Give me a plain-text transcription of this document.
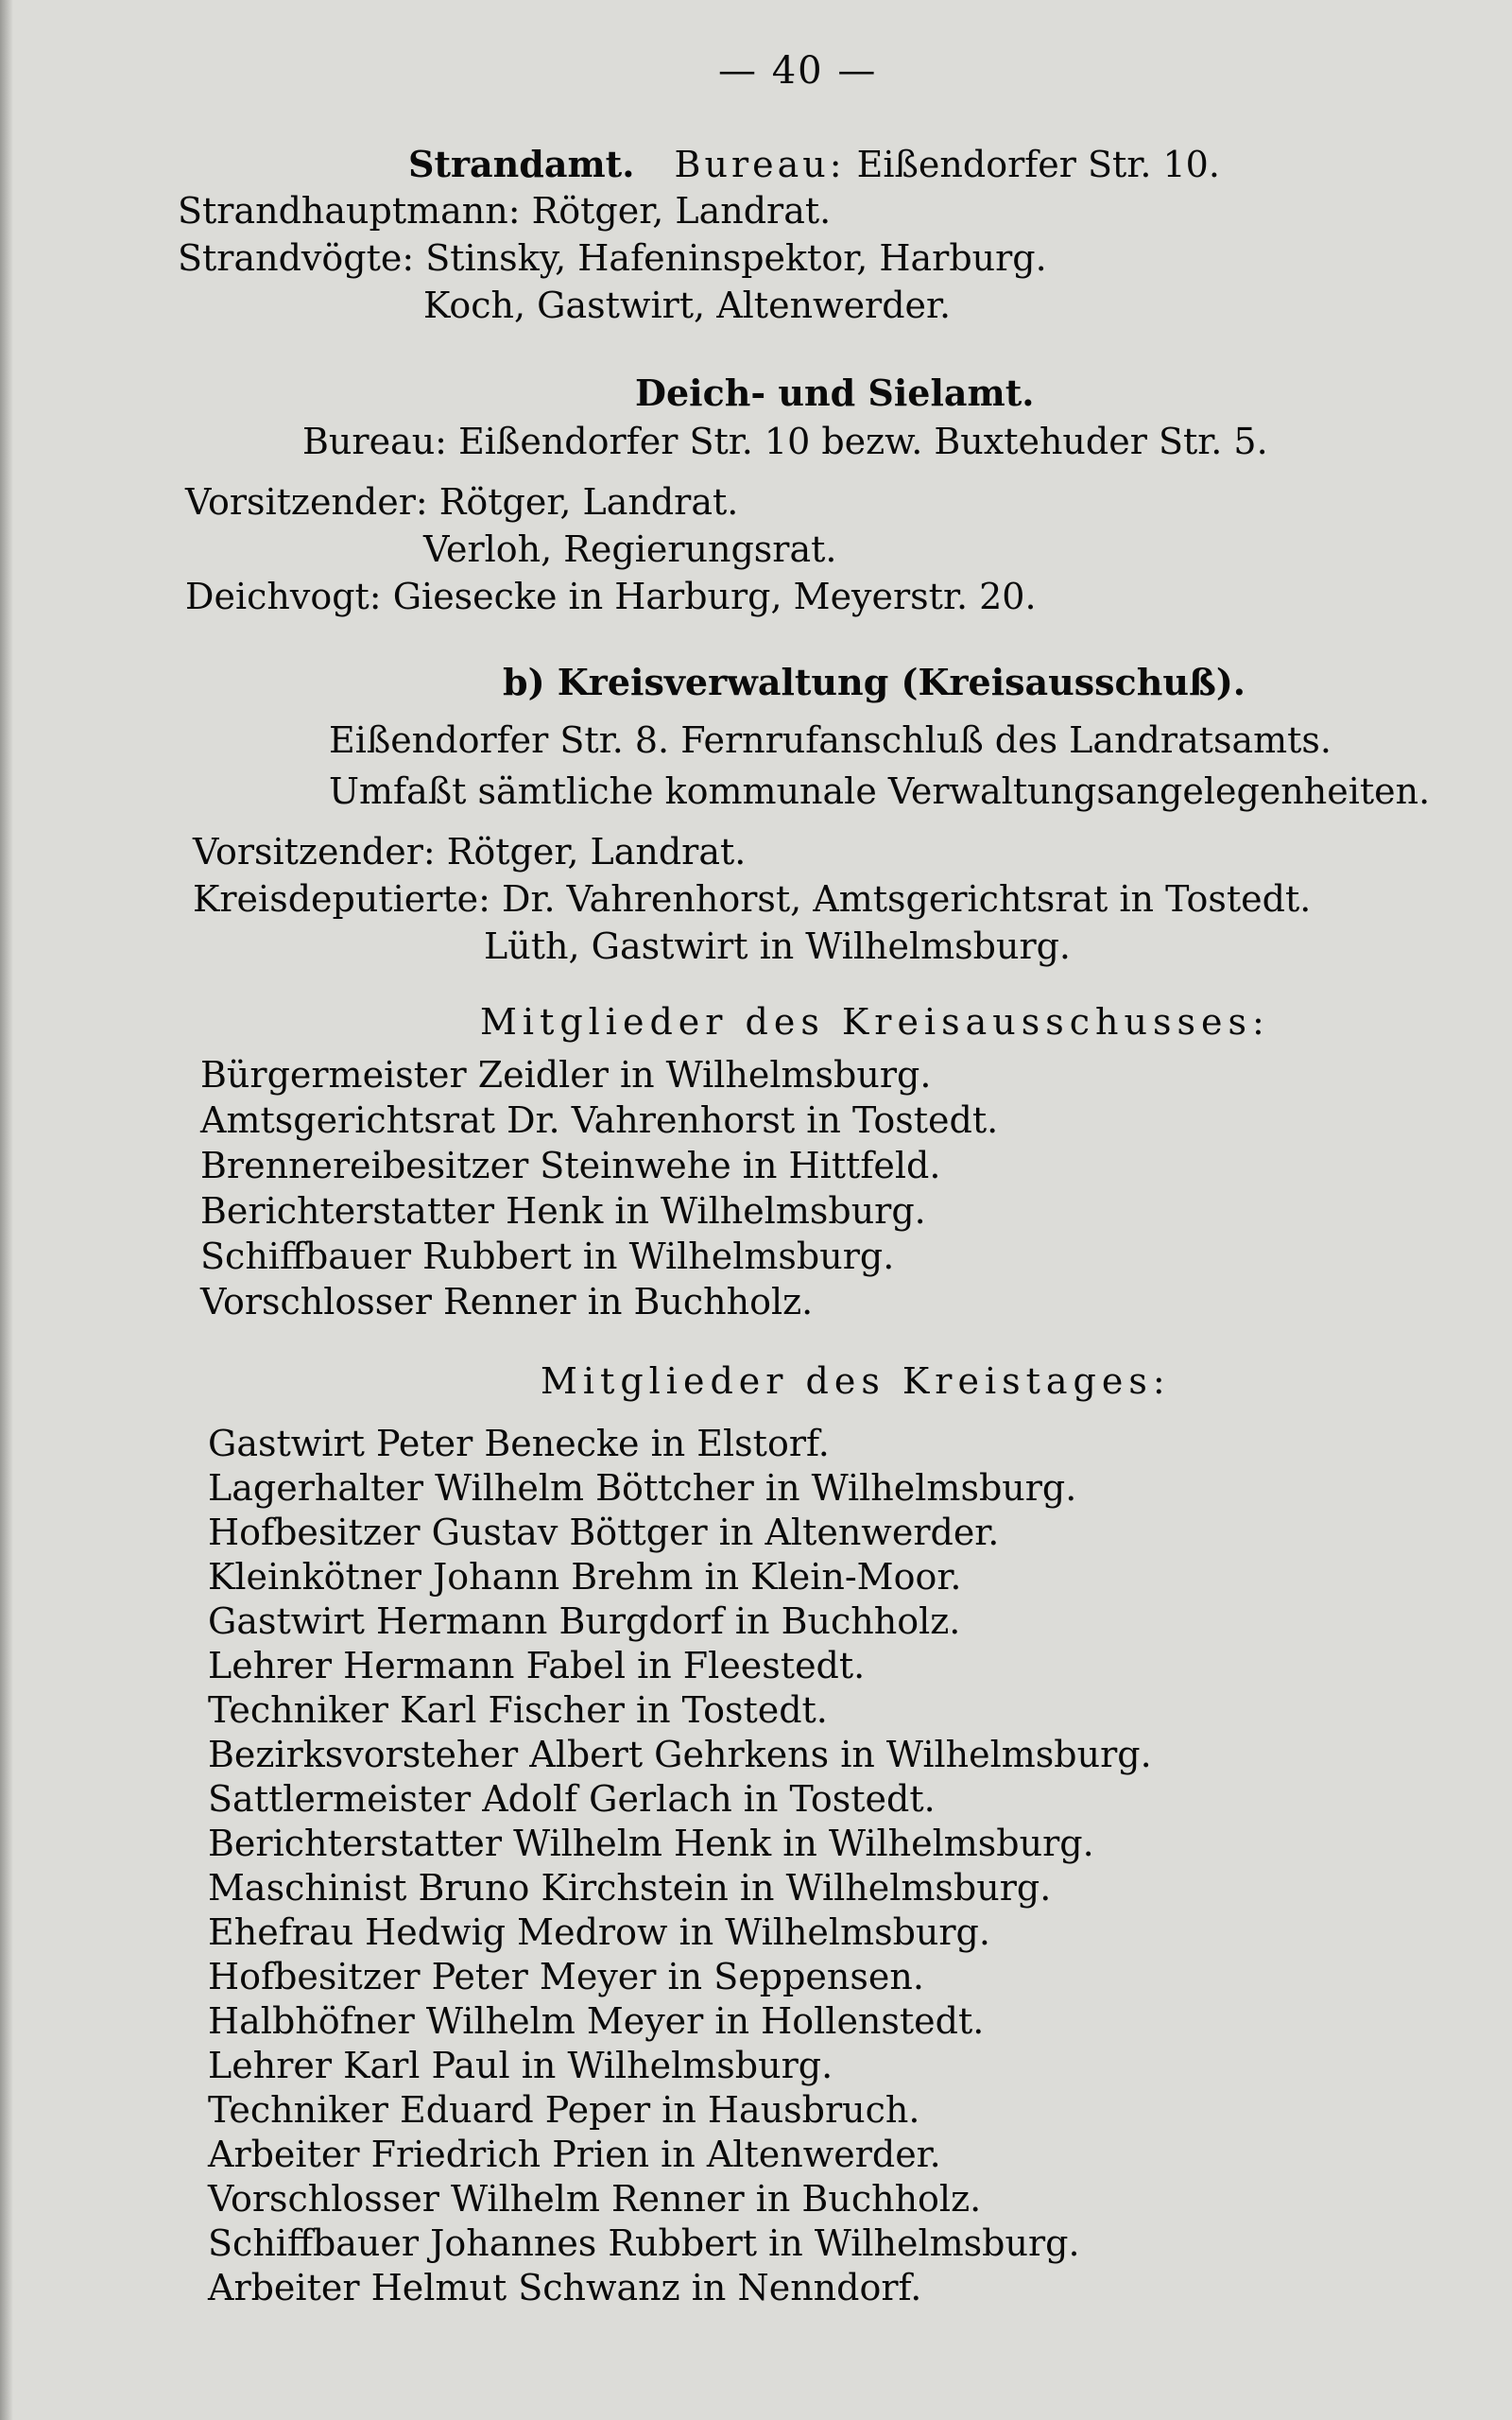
— 40 —
Strandamt. Bureau: Eißendorfer Str. 10.
Strandhauptmann: Rötger, Landrat.
Strandvögte: Stinsky, Hafeninspektor, Harburg.
Koch, Gastwirt, Altenwerder.
Deich- und Sielamt.
Bureau: Eißendorfer Str. 10 bezw. Buxtehuder Str. 5.
Vorsitzender: Rötger, Landrat.
Verloh, Regierungsrat.
Deichvogt: Giesecke in Harburg, Meyerstr. 20.
b) Kreisverwaltung (Kreisausschuß).
Eißendorfer Str. 8. Fernrufanschluß des Landratsamts.
Umfaßt sämtliche kommunale Verwaltungsangelegenheiten.
Vorsitzender: Rötger, Landrat.
Kreisdeputierte: Dr. Vahrenhorst, Amtsgerichtsrat in Tostedt.
Lüth, Gastwirt in Wilhelmsburg.
Mitglieder des Kreisausschusses:
Bürgermeister Zeidler in Wilhelmsburg.
Amtsgerichtsrat Dr. Vahrenhorst in Tostedt.
Brennereibesitzer Steinwehe in Hittfeld.
Berichterstatter Henk in Wilhelmsburg.
Schiffbauer Rubbert in Wilhelmsburg.
Vorschlosser Renner in Buchholz.
Mitglieder des Kreistages:
Gastwirt Peter Benecke in Elstorf.
Lagerhalter Wilhelm Böttcher in Wilhelmsburg.
Hofbesitzer Gustav Böttger in Altenwerder.
Kleinkötner Johann Brehm in Klein-Moor.
Gastwirt Hermann Burgdorf in Buchholz.
Lehrer Hermann Fabel in Fleestedt.
Techniker Karl Fischer in Tostedt.
Bezirksvorsteher Albert Gehrkens in Wilhelmsburg.
Sattlermeister Adolf Gerlach in Tostedt.
Berichterstatter Wilhelm Henk in Wilhelmsburg.
Maschinist Bruno Kirchstein in Wilhelmsburg.
Ehefrau Hedwig Medrow in Wilhelmsburg.
Hofbesitzer Peter Meyer in Seppensen.
Halbhöfner Wilhelm Meyer in Hollenstedt.
Lehrer Karl Paul in Wilhelmsburg.
Techniker Eduard Peper in Hausbruch.
Arbeiter Friedrich Prien in Altenwerder.
Vorschlosser Wilhelm Renner in Buchholz.
Schiffbauer Johannes Rubbert in Wilhelmsburg.
Arbeiter Helmut Schwanz in Nenndorf.
